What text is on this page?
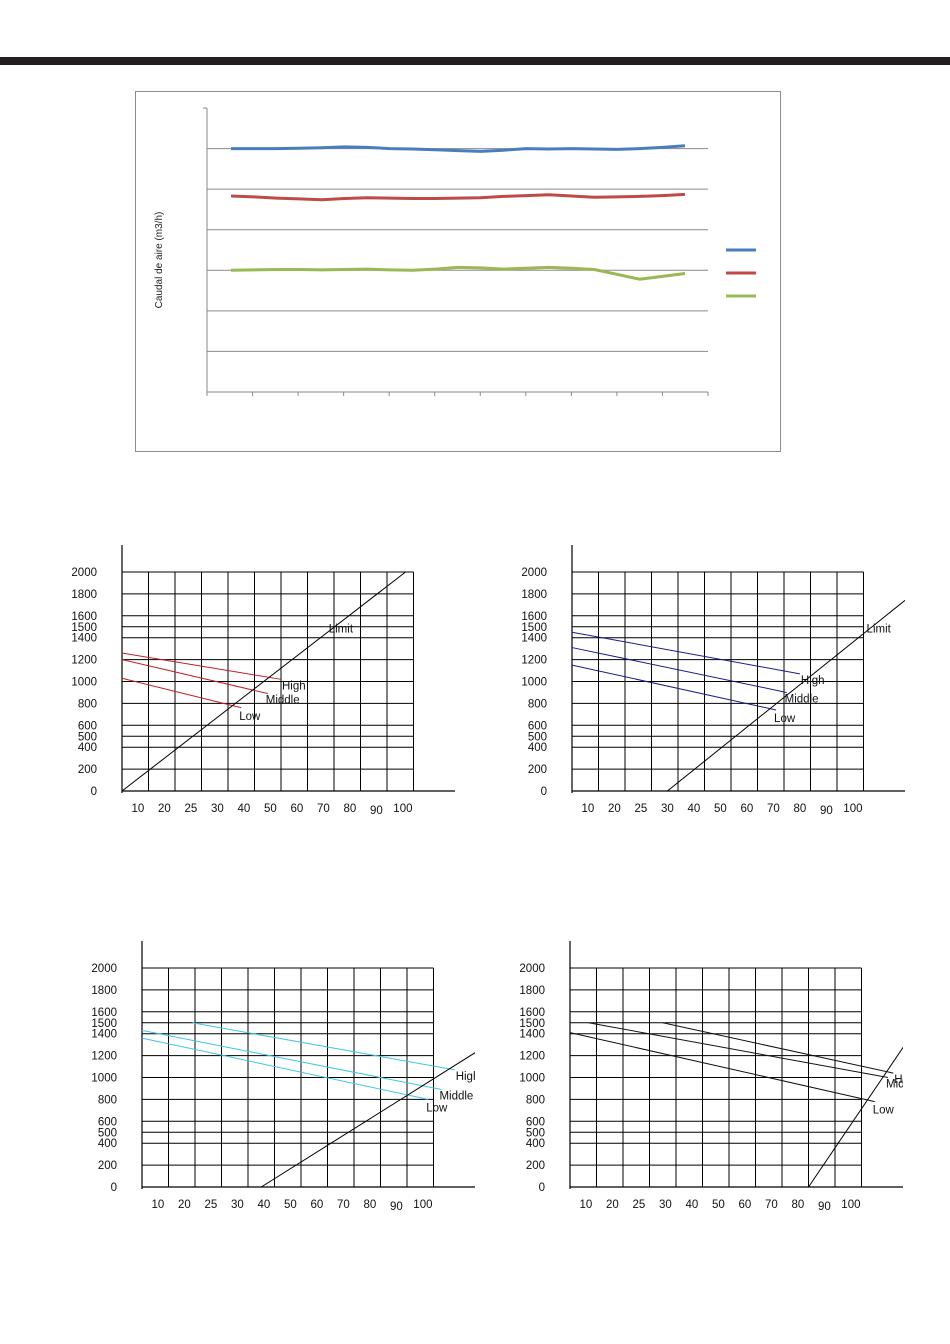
Caudal de aire (m3/h)
0
200
400
500
600
800
1000
1200
1400
1500
1600
1800
2000
10 20 25 30 40 50 60 70 80 90 100
High
Middle
Low
Limit
0
200
400
500
600
800
1000
1200
1400
1500
1600
1800
2000
10 20 25 30 40 50 60 70 80 90 100
High
Middle
Low
Limit
0
200
400
500
600
800
1000
1200
1400
1500
1600
1800
2000
10 20 25 30 40 50 60 70 80 90 100
Hig
Middle
Low
0
200
400
500
600
800
1000
1200
1400
1500
1600
1800
2000
10 20 25 30 40 50 60 70 80 90 100
H
Mid
Low
